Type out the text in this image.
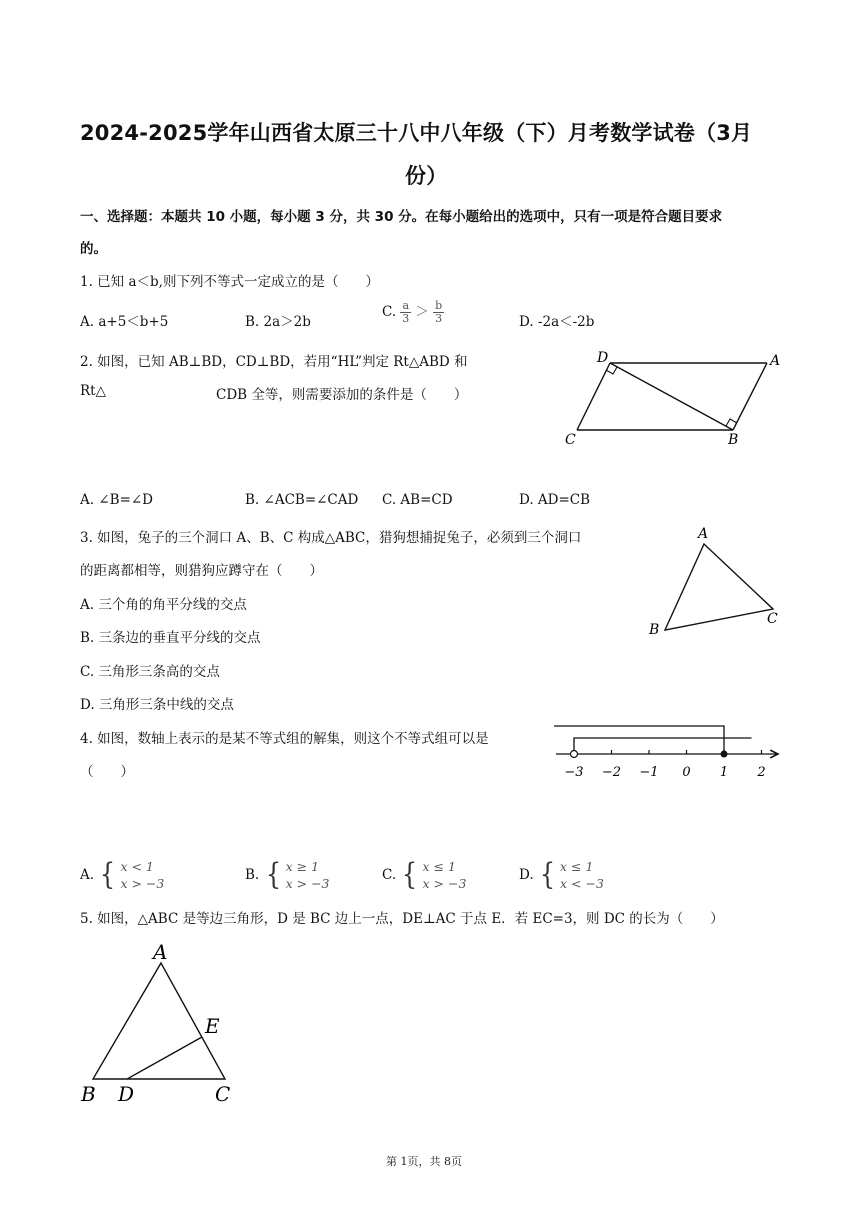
2024-2025学年山西省太原三十八中八年级（下）月考数学试卷（3月
份）
一、选择题：本题共 10 小题，每小题 3 分，共 30 分。在每小题给出的选项中，只有一项是符合题目要求
的。
1. 已知 a＜b,则下列不等式一定成立的是（　　）
A. a+5＜b+5	B. 2a＞2b
C. $\frac{a}{3} > \frac{b}{3}$	D. -2a＜-2b
2. 如图，已知 AB⊥BD，CD⊥BD，若用“HL”判定 Rt△ABD 和
Rt△	CDB 全等，则需要添加的条件是（　　）
D	A
C	B
A. ∠B=∠D	B. ∠ACB=∠CAD C. AB=CD	D. AD=CB
3. 如图，兔子的三个洞口 A、B、C 构成△ABC，猎狗想捕捉兔子，必须到三个洞口
的距离都相等，则猎狗应蹲守在（　　）
A. 三个角的角平分线的交点
B. 三条边的垂直平分线的交点
C. 三角形三条高的交点
D. 三角形三条中线的交点
A
B
C
4. 如图，数轴上表示的是某不等式组的解集，则这个不等式组可以是
（　　）	−3 −2 −1 0 1 2
A. { x < 1
x > −3
B. { x ≥ 1
x > −3
C. { x ≤ 1
x > −3
D. { x ≤ 1
x < −3
5. 如图，△ABC 是等边三角形，D 是 BC 边上一点，DE⊥AC 于点 E．若 EC=3，则 DC 的长为（　　）
A
E
B D	C
第 1页，共 8页
